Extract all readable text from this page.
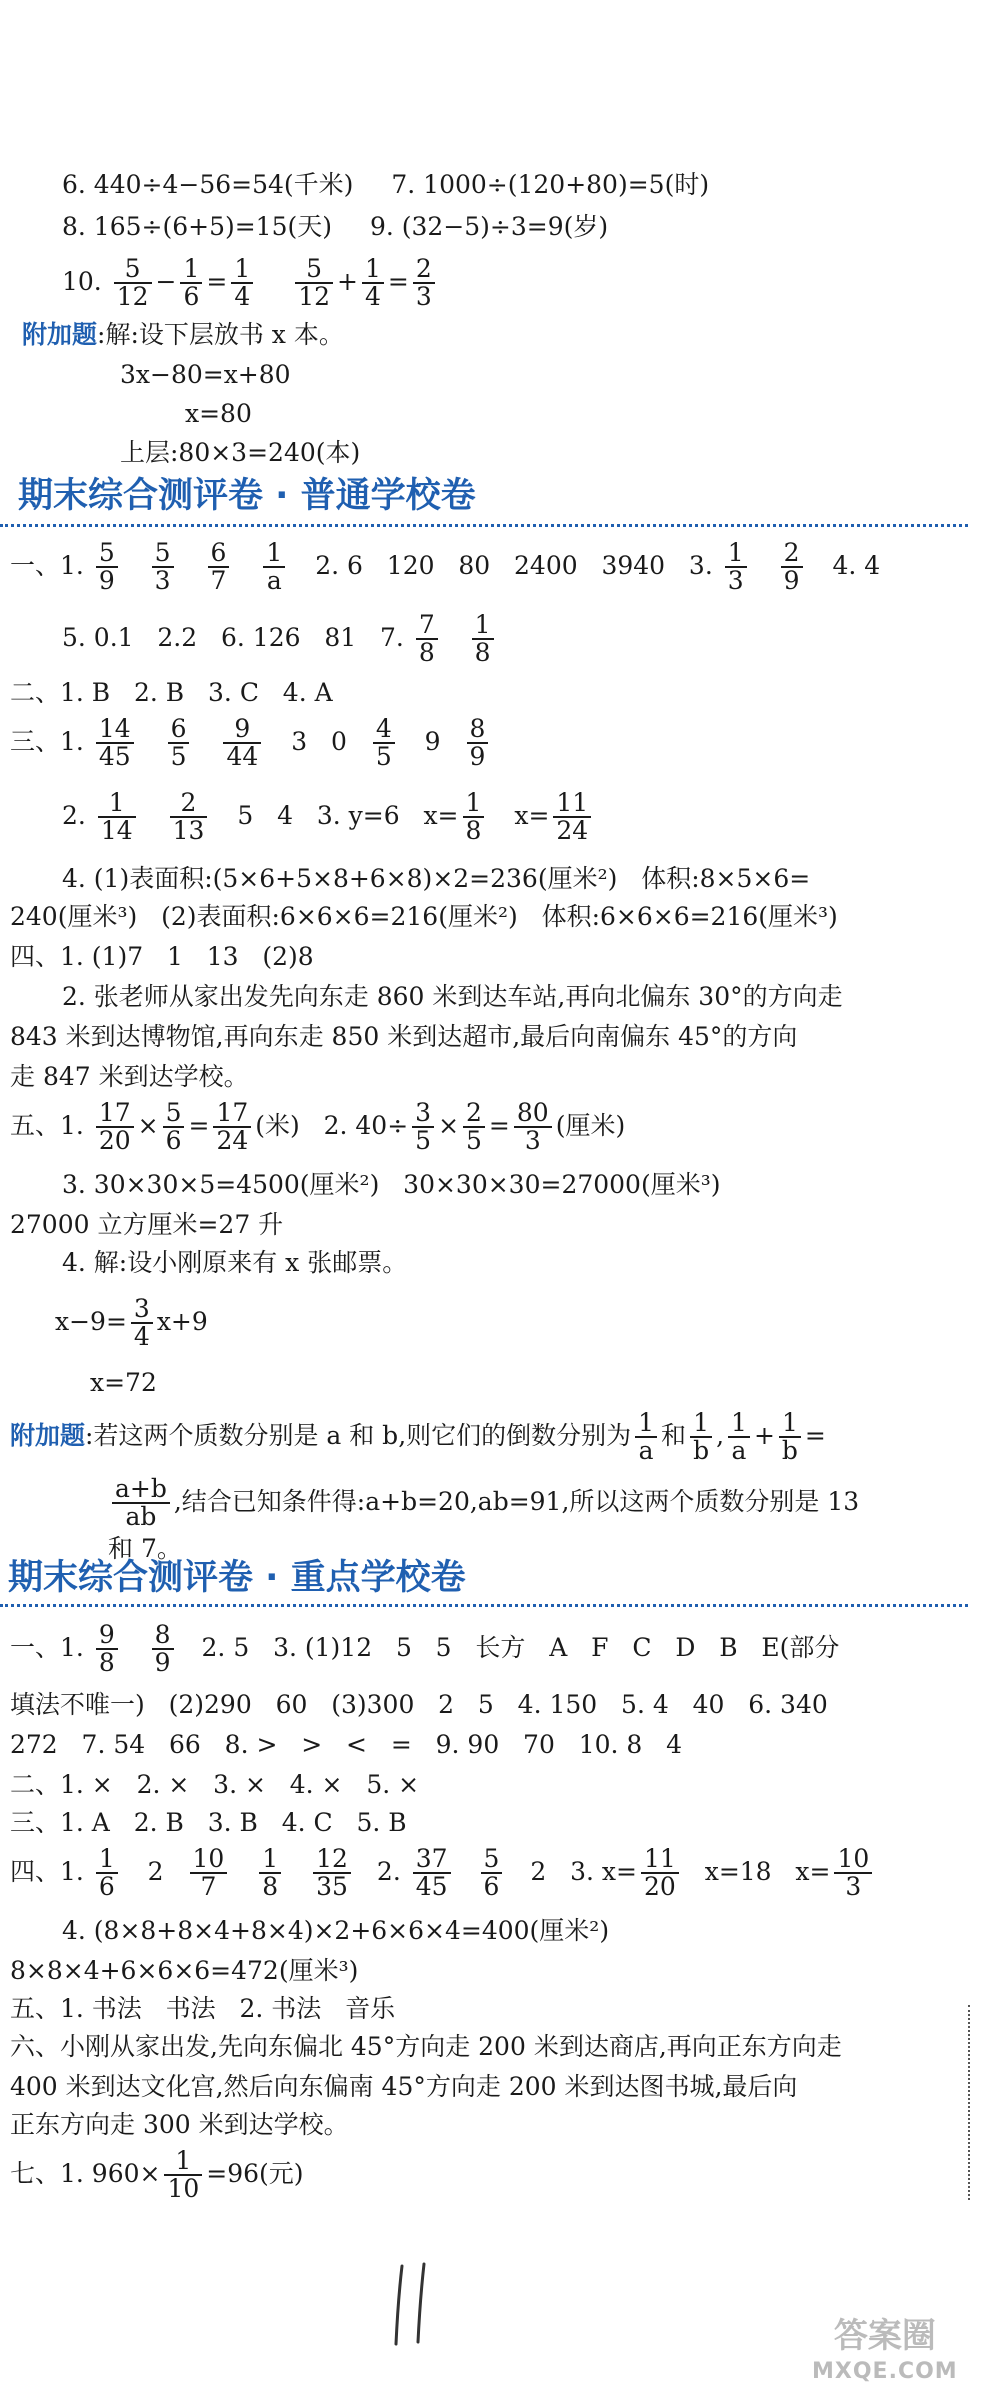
6. 440÷4−56=54(千米) 7. 1000÷(120+80)=5(时)
8. 165÷(6+5)=15(天) 9. (32−5)÷3=9(岁)
10. $\frac{5}{12} - \frac{1}{6} = \frac{1}{4}$
$\frac{5}{12} + \frac{1}{4} = \frac{2}{3}$
附加题:解:设下层放书 x 本。
3x−80=x+80
x=80
上层:80×3=240(本)
期末综合测评卷 · 普通学校卷
一、1. $\frac{5}{9}$
$\frac{5}{3}$
$\frac{6}{7}$
$\frac{1}{a} 2$. 6   120   80   2400   3940   3. $\frac{1}{3}$
$\frac{2}{9} 4$. 4
5. 0.1   2.2   6. 126   81   7. $\frac{7}{8}$
$\frac{1}{8}$
二、1. B   2. B   3. C   4. A
三、1. $\frac{14}{45}$
$\frac{6}{5}$
$\frac{9}{44} 3$   $0 \frac{4}{5} 9 \frac{8}{9}$
2. $\frac{1}{14}$
$\frac{2}{13} 5$   4   3. y=6   $x= \frac{1}{8} x= \frac{11}{24}$
4. (1)表面积:(5×6+5×8+6×8)×2=236(厘米²)   体积:8×5×6=
240(厘米³)   (2)表面积:6×6×6=216(厘米²)   体积:6×6×6=216(厘米³)
四、1. (1)7   1   13   (2)8
2. 张老师从家出发先向东走 860 米到达车站,再向北偏东 30°的方向走
843 米到达博物馆,再向东走 850 米到达超市,最后向南偏东 45°的方向
走 847 米到达学校。
五、1. $\frac{17}{20} \times \frac{5}{6} = \frac{17}{24}$ (米)   2. $40\div \frac{3}{5} \times \frac{2}{5} = \frac{80}{3}$ (厘米)
3. 30×30×5=4500(厘米²)   30×30×30=27000(厘米³)
27000 立方厘米=27 升
4. 解:设小刚原来有 x 张邮票。
$x-9= \frac{3}{4} x+9$
x=72
附加题:若这两个质数分别是 a 和 b,则它们的倒数分别为 $\frac{1}{a}$ 和 $\frac{1}{b}$ , $\frac{1}{a} + \frac{1}{b}$ =
$\frac{a+b}{ab}$ ,结合已知条件得:a+b=20,ab=91,所以这两个质数分别是 13
和 7。
期末综合测评卷 · 重点学校卷
一、1. $\frac{9}{8}$
$\frac{8}{9} 2$. 5   3. (1)12   5   5   长方   A   F   C   D   B   E(部分
填法不唯一)   (2)290   60   (3)300   2   5   4. 150   5. 4   40   6. 340
272   7. 54   66   8. >   >   <   =   9. 90   70   10. 8   4
二、1. ×   2. ×   3. ×   4. ×   5. ×
三、1. A   2. B   3. B   4. C   5. B
四、1. $\frac{1}{6} 2 \frac{10}{7}$
$\frac{1}{8}$
$\frac{12}{35} 2$. $\frac{37}{45}$
$\frac{5}{6} 2$   3. $x= \frac{11}{20} x=18$   $x= \frac{10}{3}$
4. (8×8+8×4+8×4)×2+6×6×4=400(厘米²)
8×8×4+6×6×6=472(厘米³)
五、1. 书法   书法   2. 书法   音乐
六、小刚从家出发,先向东偏北 45°方向走 200 米到达商店,再向正东方向走
400 米到达文化宫,然后向东偏南 45°方向走 200 米到达图书城,最后向
正东方向走 300 米到达学校。
七、1. $960\times \frac{1}{10} =96$(元)
答案圈
MXQE.COM
